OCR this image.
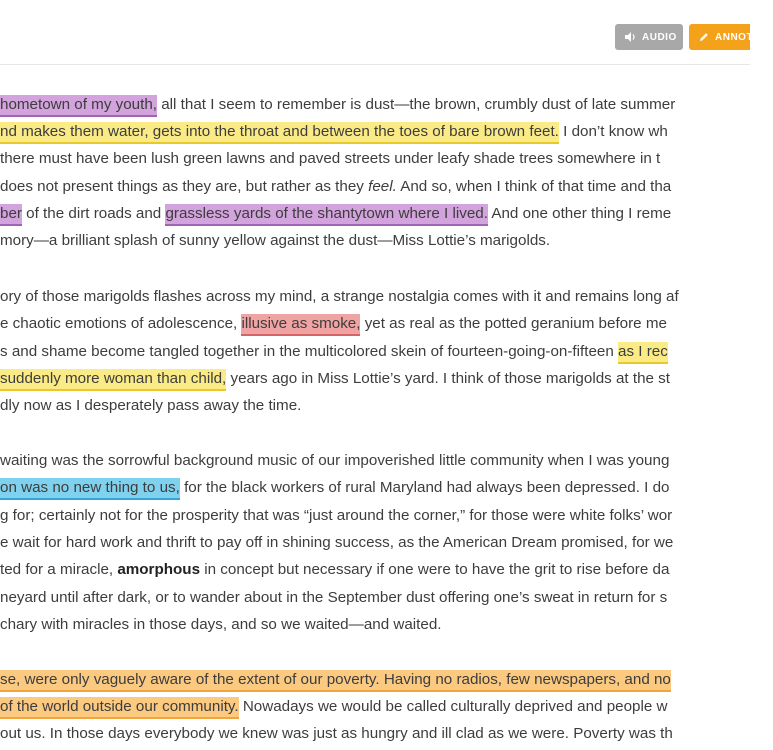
AUDIO	ANNOTATE
hometown of my youth, all that I seem to remember is dust—the brown, crumbly dust of late summer
nd makes them water, gets into the throat and between the toes of bare brown feet. I don’t know wh
there must have been lush green lawns and paved streets under leafy shade trees somewhere in t
does not present things as they are, but rather as they feel. And so, when I think of that time and tha
ber of the dirt roads and grassless yards of the shantytown where I lived. And one other thing I reme
mory—a brilliant splash of sunny yellow against the dust—Miss Lottie’s marigolds.
ory of those marigolds flashes across my mind, a strange nostalgia comes with it and remains long af
e chaotic emotions of adolescence, illusive as smoke, yet as real as the potted geranium before me
s and shame become tangled together in the multicolored skein of fourteen-going-on-fifteen as I rec
suddenly more woman than child, years ago in Miss Lottie’s yard. I think of those marigolds at the st
dly now as I desperately pass away the time.
waiting was the sorrowful background music of our impoverished little community when I was young
on was no new thing to us, for the black workers of rural Maryland had always been depressed. I do
g for; certainly not for the prosperity that was “just around the corner,” for those were white folks’ wor
e wait for hard work and thrift to pay off in shining success, as the American Dream promised, for we
ted for a miracle, amorphous in concept but necessary if one were to have the grit to rise before da
neyard until after dark, or to wander about in the September dust offering one’s sweat in return for s
chary with miracles in those days, and so we waited—and waited.
se, were only vaguely aware of the extent of our poverty. Having no radios, few newspapers, and no
of the world outside our community. Nowadays we would be called culturally deprived and people w
out us. In those days everybody we knew was just as hungry and ill clad as we were. Poverty was th
